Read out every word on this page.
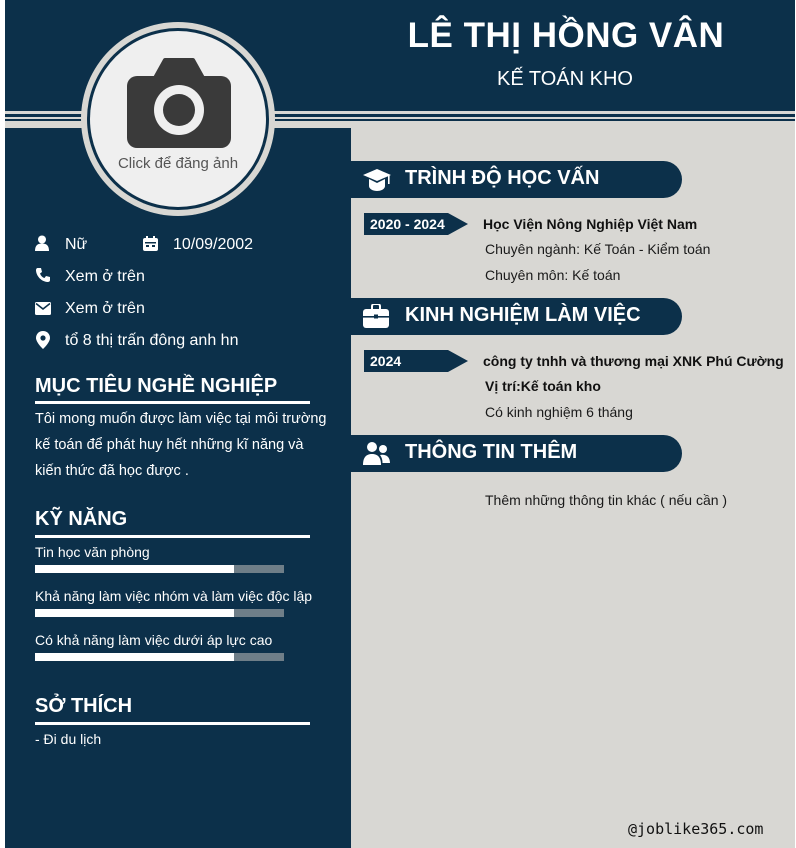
LÊ THỊ HỒNG VÂN
KẾ TOÁN KHO
Click để đăng ảnh
Nữ	10/09/2002
Xem ở trên
Xem ở trên
tổ 8 thị trấn đông anh hn
MỤC TIÊU NGHỀ NGHIỆP
Tôi mong muốn được làm việc tại môi trường kế toán để phát huy hết những kĩ năng và kiến thức đã học được .
KỸ NĂNG
Tin học văn phòng
Khả năng làm việc nhóm và làm việc độc lập
Có khả năng làm việc dưới áp lực cao
SỞ THÍCH
- Đi du lịch
TRÌNH ĐỘ HỌC VẤN
2020 - 2024	Học Viện Nông Nghiệp Việt Nam
Chuyên ngành: Kế Toán - Kiểm toán
Chuyên môn: Kế toán
KINH NGHIỆM LÀM VIỆC
2024	công ty tnhh và thương mại XNK Phú Cường
Vị trí:Kế toán kho
Có kinh nghiệm 6 tháng
THÔNG TIN THÊM
Thêm những thông tin khác ( nếu cần )
@joblike365.com
